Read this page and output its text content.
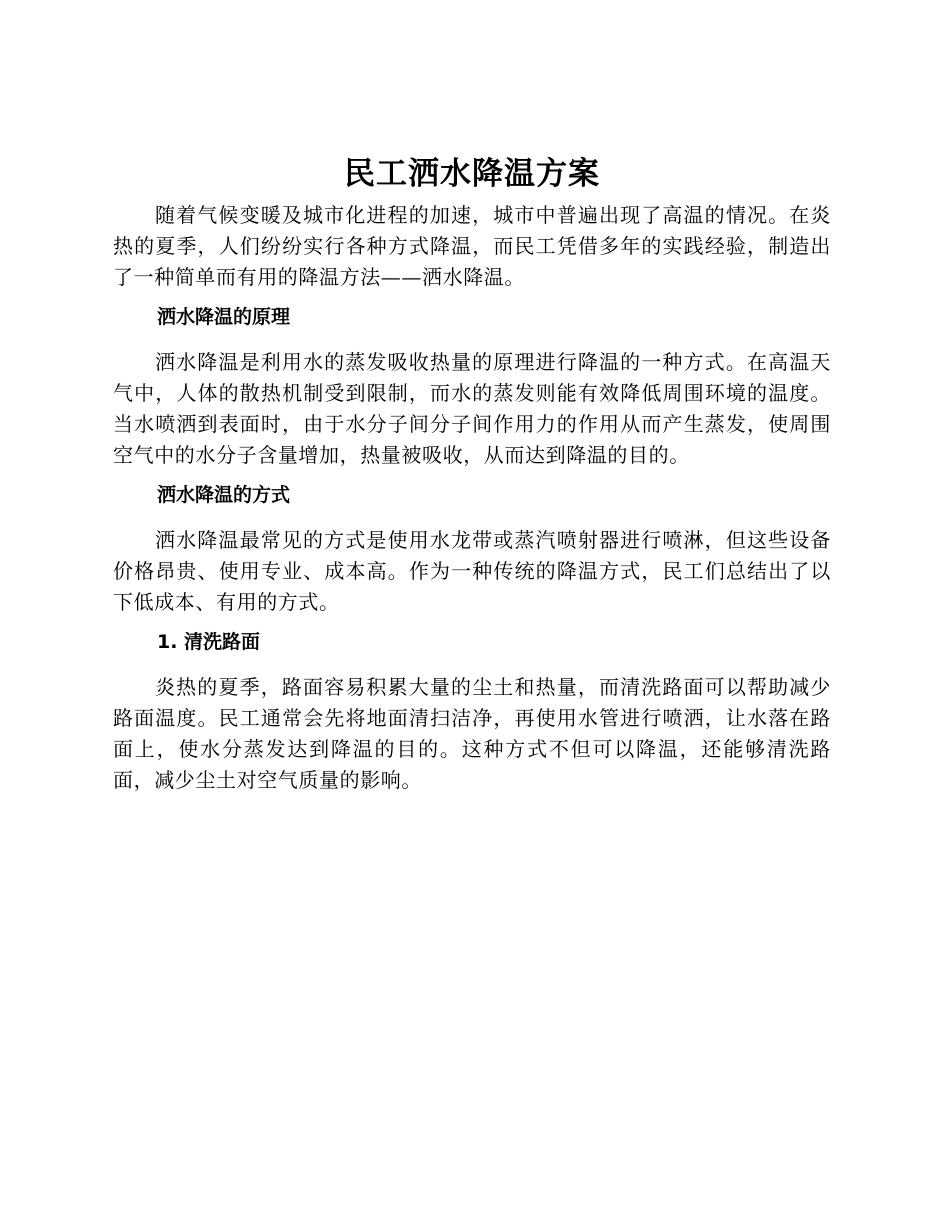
民工洒水降温方案

随着气候变暖及城市化进程的加速，城市中普遍出现了高温的情况。在炎热的夏季，人们纷纷实行各种方式降温，而民工凭借多年的实践经验，制造出了一种简单而有用的降温方法——洒水降温。

洒水降温的原理

洒水降温是利用水的蒸发吸收热量的原理进行降温的一种方式。在高温天气中，人体的散热机制受到限制，而水的蒸发则能有效降低周围环境的温度。当水喷洒到表面时，由于水分子间分子间作用力的作用从而产生蒸发，使周围空气中的水分子含量增加，热量被吸收，从而达到降温的目的。

洒水降温的方式

洒水降温最常见的方式是使用水龙带或蒸汽喷射器进行喷淋，但这些设备价格昂贵、使用专业、成本高。作为一种传统的降温方式，民工们总结出了以下低成本、有用的方式。

1. 清洗路面

炎热的夏季，路面容易积累大量的尘土和热量，而清洗路面可以帮助减少路面温度。民工通常会先将地面清扫洁净，再使用水管进行喷洒，让水落在路面上，使水分蒸发达到降温的目的。这种方式不但可以降温，还能够清洗路面，减少尘土对空气质量的影响。
